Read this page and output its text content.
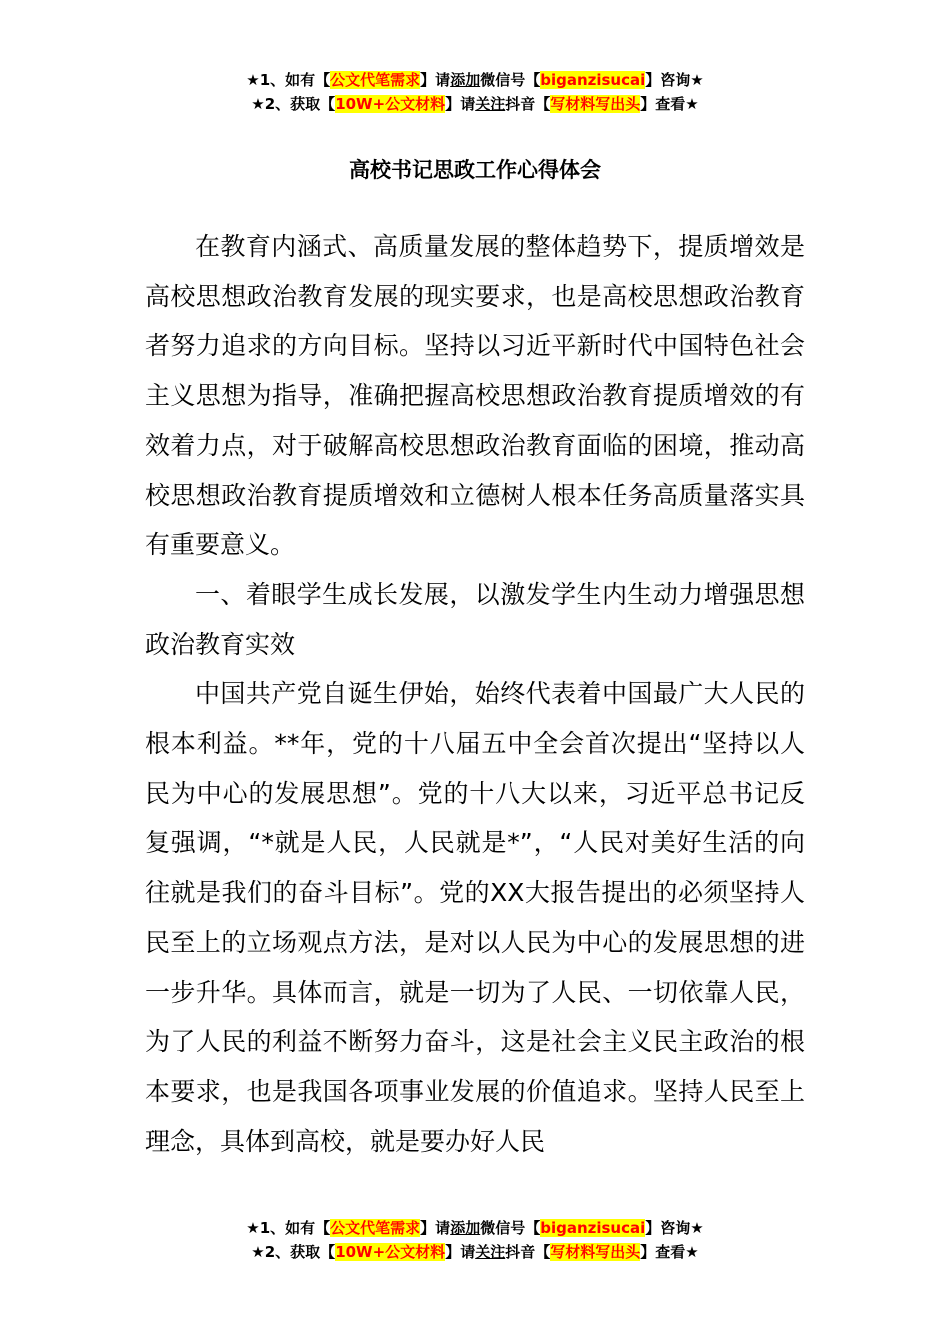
★1、如有【公文代笔需求】请添加微信号【biganzisucai】咨询★
★2、获取【10W+公文材料】请关注抖音【写材料写出头】查看★
高校书记思政工作心得体会

在教育内涵式、高质量发展的整体趋势下，提质增效是高校思想政治教育发展的现实要求，也是高校思想政治教育者努力追求的方向目标。坚持以习近平新时代中国特色社会主义思想为指导，准确把握高校思想政治教育提质增效的有效着力点，对于破解高校思想政治教育面临的困境，推动高校思想政治教育提质增效和立德树人根本任务高质量落实具有重要意义。

一、着眼学生成长发展，以激发学生内生动力增强思想政治教育实效

中国共产党自诞生伊始，始终代表着中国最广大人民的根本利益。**年，党的十八届五中全会首次提出“坚持以人民为中心的发展思想”。党的十八大以来，习近平总书记反复强调，“*就是人民，人民就是*”，“人民对美好生活的向往就是我们的奋斗目标”。党的XX大报告提出的必须坚持人民至上的立场观点方法，是对以人民为中心的发展思想的进一步升华。具体而言，就是一切为了人民、一切依靠人民，为了人民的利益不断努力奋斗，这是社会主义民主政治的根本要求，也是我国各项事业发展的价值追求。坚持人民至上理念，具体到高校，就是要办好人民

★1、如有【公文代笔需求】请添加微信号【biganzisucai】咨询★
★2、获取【10W+公文材料】请关注抖音【写材料写出头】查看★
